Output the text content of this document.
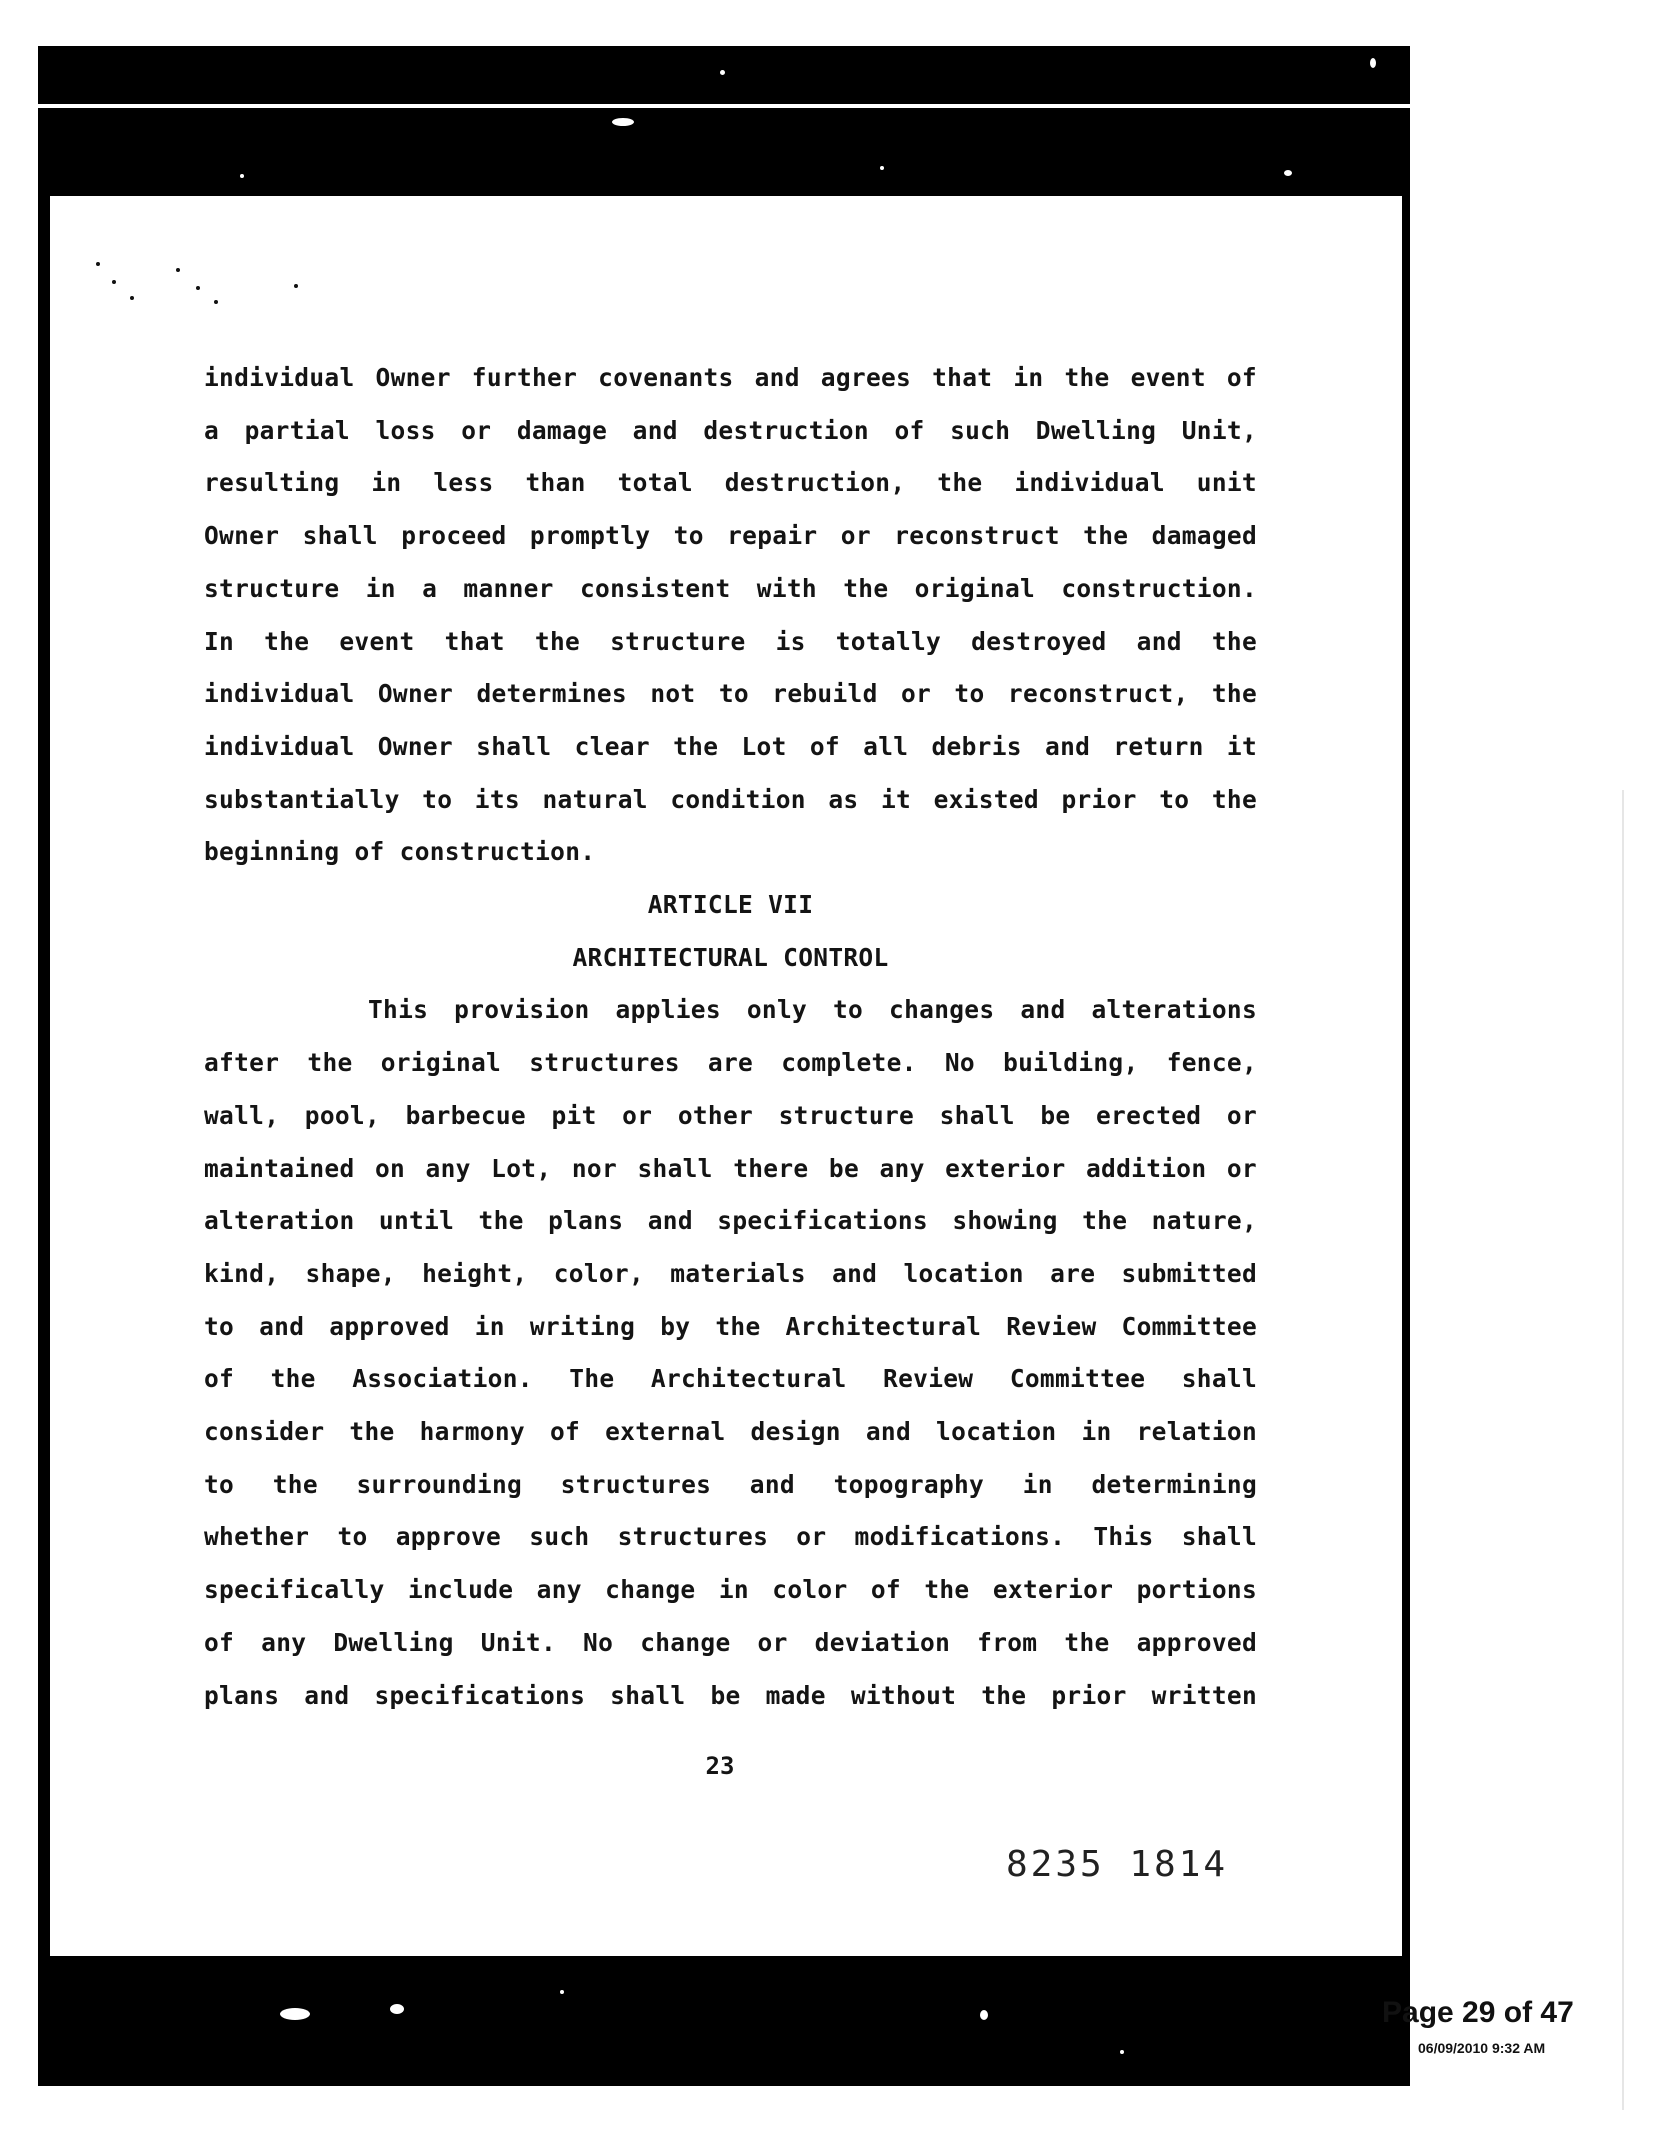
individual Owner further covenants and agrees that in the event of
a partial loss or damage and destruction of such Dwelling Unit,
resulting in less than total destruction, the individual unit
Owner shall proceed promptly to repair or reconstruct the damaged
structure in a manner consistent with the original construction.
In the event that the structure is totally destroyed and the
individual Owner determines not to rebuild or to reconstruct, the
individual Owner shall clear the Lot of all debris and return it
substantially to its natural condition as it existed prior to the
beginning of construction.
ARTICLE VII
ARCHITECTURAL CONTROL
This provision applies only to changes and alterations
after the original structures are complete. No building, fence,
wall, pool, barbecue pit or other structure shall be erected or
maintained on any Lot, nor shall there be any exterior addition or
alteration until the plans and specifications showing the nature,
kind, shape, height, color, materials and location are submitted
to and approved in writing by the Architectural Review Committee
of the Association. The Architectural Review Committee shall
consider the harmony of external design and location in relation
to the surrounding structures and topography in determining
whether to approve such structures or modifications. This shall
specifically include any change in color of the exterior portions
of any Dwelling Unit. No change or deviation from the approved
plans and specifications shall be made without the prior written
23
8235 1814
Page 29 of 47
06/09/2010 9:32 AM
